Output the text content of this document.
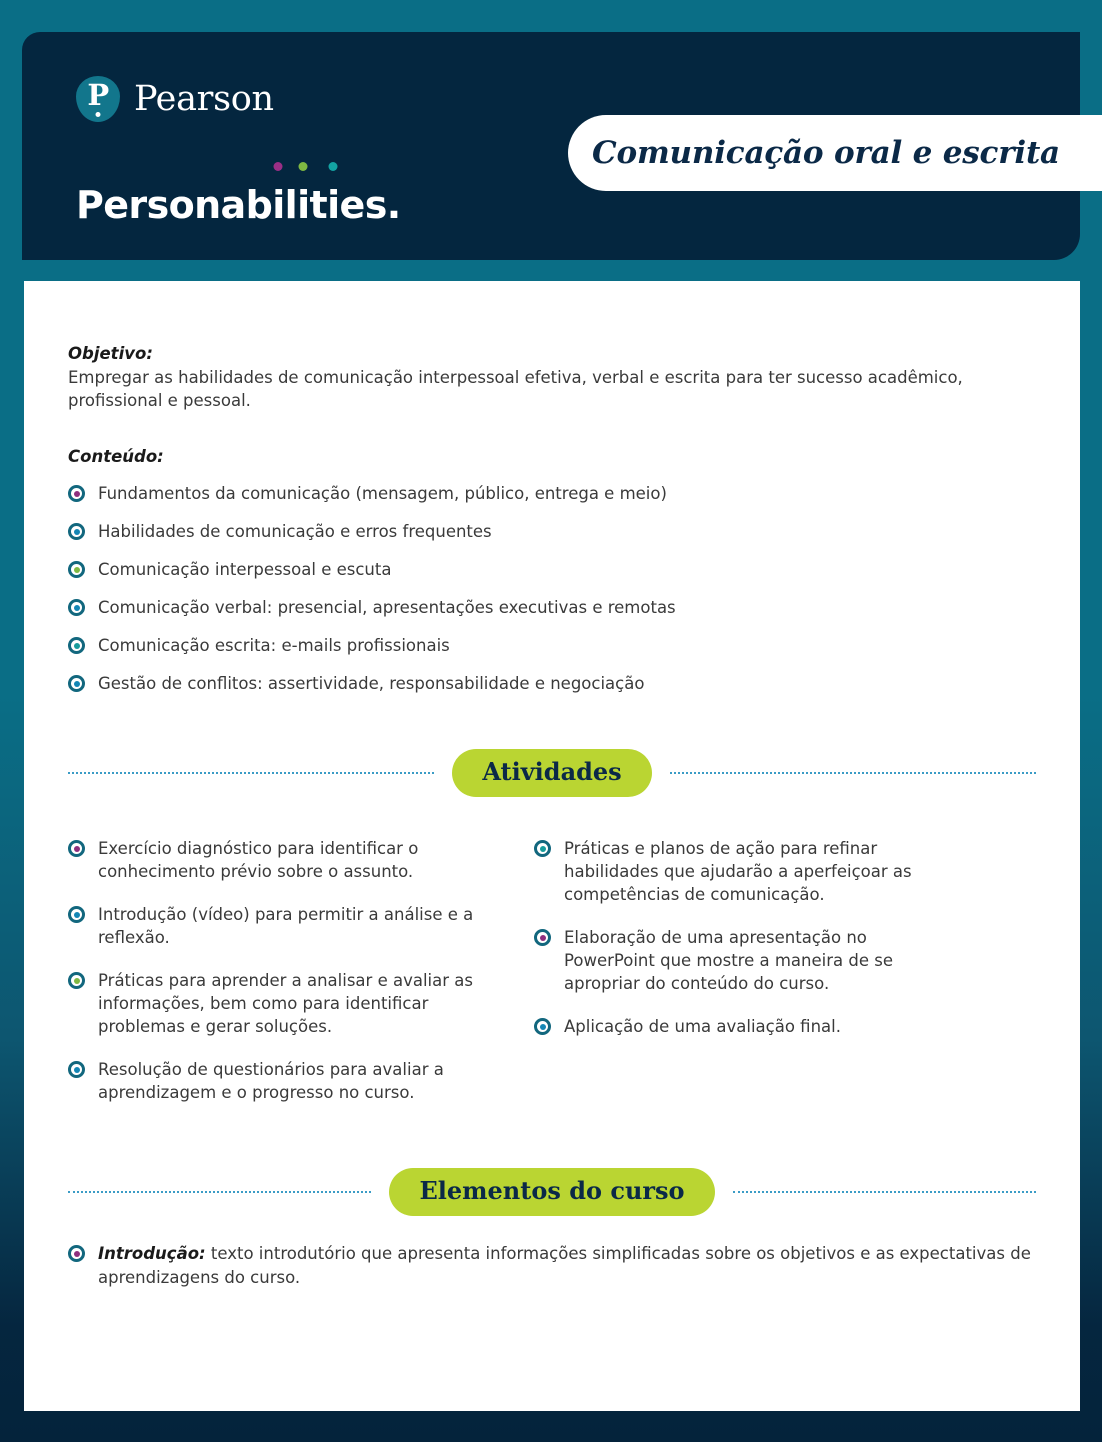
P Pearson
Personab
il
it
ies.
Comunicação oral e escrita
Objetivo:
Empregar as habilidades de comunicação interpessoal efetiva, verbal e escrita para ter sucesso acadêmico, profissional e pessoal.
Conteúdo:
Fundamentos da comunicação (mensagem, público, entrega e meio)
Habilidades de comunicação e erros frequentes
Comunicação interpessoal e escuta
Comunicação verbal: presencial, apresentações executivas e remotas
Comunicação escrita: e-mails profissionais
Gestão de conflitos: assertividade, responsabilidade e negociação
Atividades
Exercício diagnóstico para identificar o conhecimento prévio sobre o assunto.
Introdução (vídeo) para permitir a análise e a reflexão.
Práticas para aprender a analisar e avaliar as informações, bem como para identificar problemas e gerar soluções.
Resolução de questionários para avaliar a aprendizagem e o progresso no curso.
Práticas e planos de ação para refinar habilidades que ajudarão a aperfeiçoar as competências de comunicação.
Elaboração de uma apresentação no PowerPoint que mostre a maneira de se apropriar do conteúdo do curso.
Aplicação de uma avaliação final.
Elementos do curso
Introdução: texto introdutório que apresenta informações simplificadas sobre os objetivos e as expectativas de aprendizagens do curso.
